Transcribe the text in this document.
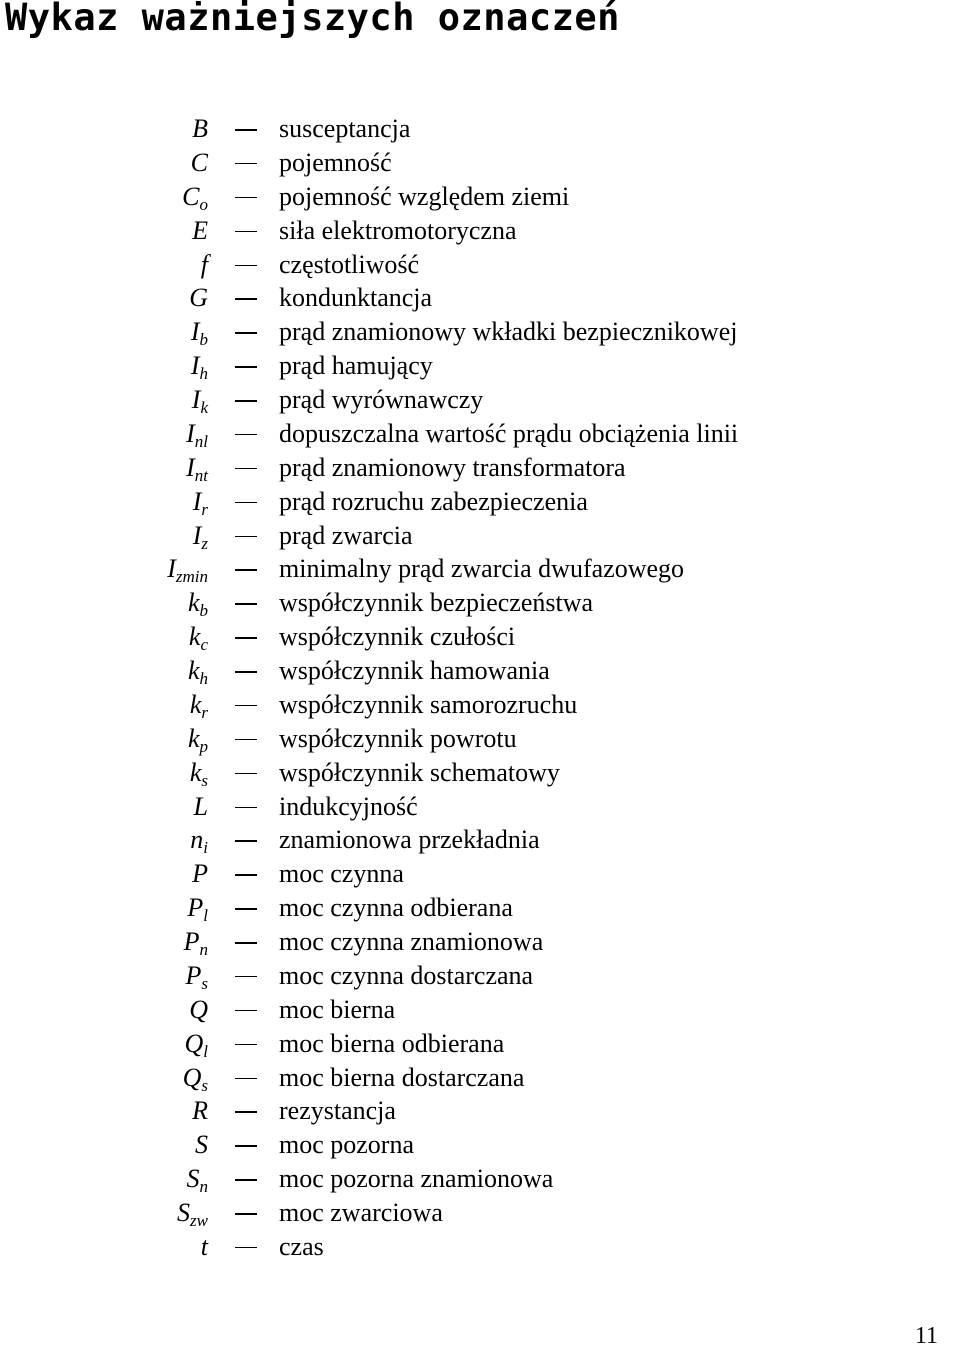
Wykaz ważniejszych oznaczeń
B	susceptancja
C	pojemność
$C_o$	pojemność względem ziemi
E	siła elektromotoryczna
f	częstotliwość
G	kondunktancja
$I_b$	prąd znamionowy wkładki bezpiecznikowej
$I_h$	prąd hamujący
$I_k$	prąd wyrównawczy
$I_{nl}$	dopuszczalna wartość prądu obciążenia linii
$I_{nt}$	prąd znamionowy transformatora
$I_r$	prąd rozruchu zabezpieczenia
$I_z$	prąd zwarcia
$I_{zmin}$	minimalny prąd zwarcia dwufazowego
$k_b$	współczynnik bezpieczeństwa
$k_c$	współczynnik czułości
$k_h$	współczynnik hamowania
$k_r$	współczynnik samorozruchu
$k_p$	współczynnik powrotu
$k_s$	współczynnik schematowy
L	indukcyjność
$n_i$	znamionowa przekładnia
P	moc czynna
$P_l$	moc czynna odbierana
$P_n$	moc czynna znamionowa
$P_s$	moc czynna dostarczana
Q	moc bierna
$Q_l$	moc bierna odbierana
$Q_s$	moc bierna dostarczana
R	rezystancja
S	moc pozorna
$S_n$	moc pozorna znamionowa
$S_{zw}$	moc zwarciowa
t	czas
11
